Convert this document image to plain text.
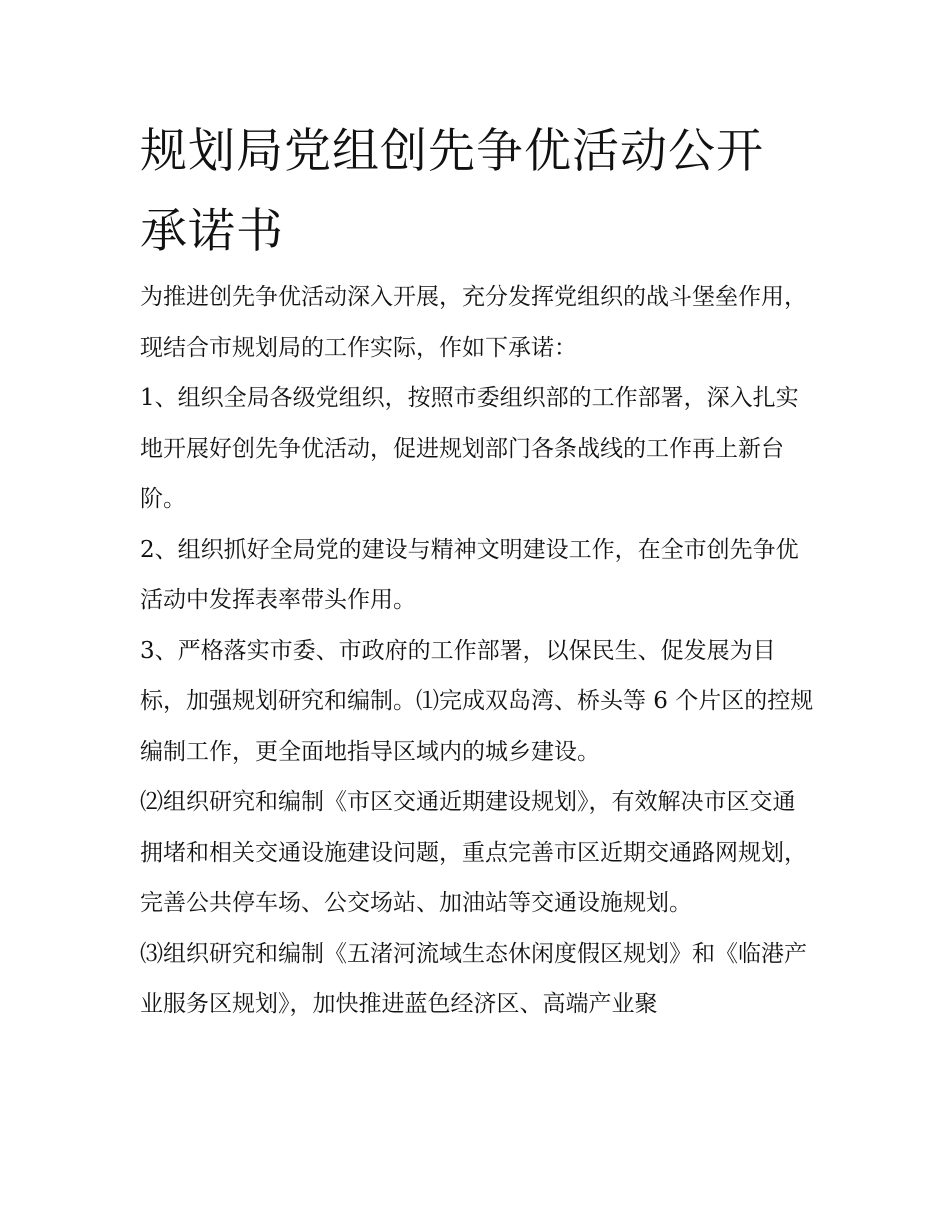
规划局党组创先争优活动公开
承诺书

为推进创先争优活动深入开展，充分发挥党组织的战斗堡垒作用，现结合市规划局的工作实际，作如下承诺：

1、组织全局各级党组织，按照市委组织部的工作部署，深入扎实地开展好创先争优活动，促进规划部门各条战线的工作再上新台阶。

2、组织抓好全局党的建设与精神文明建设工作，在全市创先争优活动中发挥表率带头作用。

3、严格落实市委、市政府的工作部署，以保民生、促发展为目标，加强规划研究和编制。⑴完成双岛湾、桥头等 6 个片区的控规编制工作，更全面地指导区域内的城乡建设。

⑵组织研究和编制《市区交通近期建设规划》，有效解决市区交通拥堵和相关交通设施建设问题，重点完善市区近期交通路网规划，完善公共停车场、公交场站、加油站等交通设施规划。

⑶组织研究和编制《五渚河流域生态休闲度假区规划》和《临港产业服务区规划》，加快推进蓝色经济区、高端产业聚
